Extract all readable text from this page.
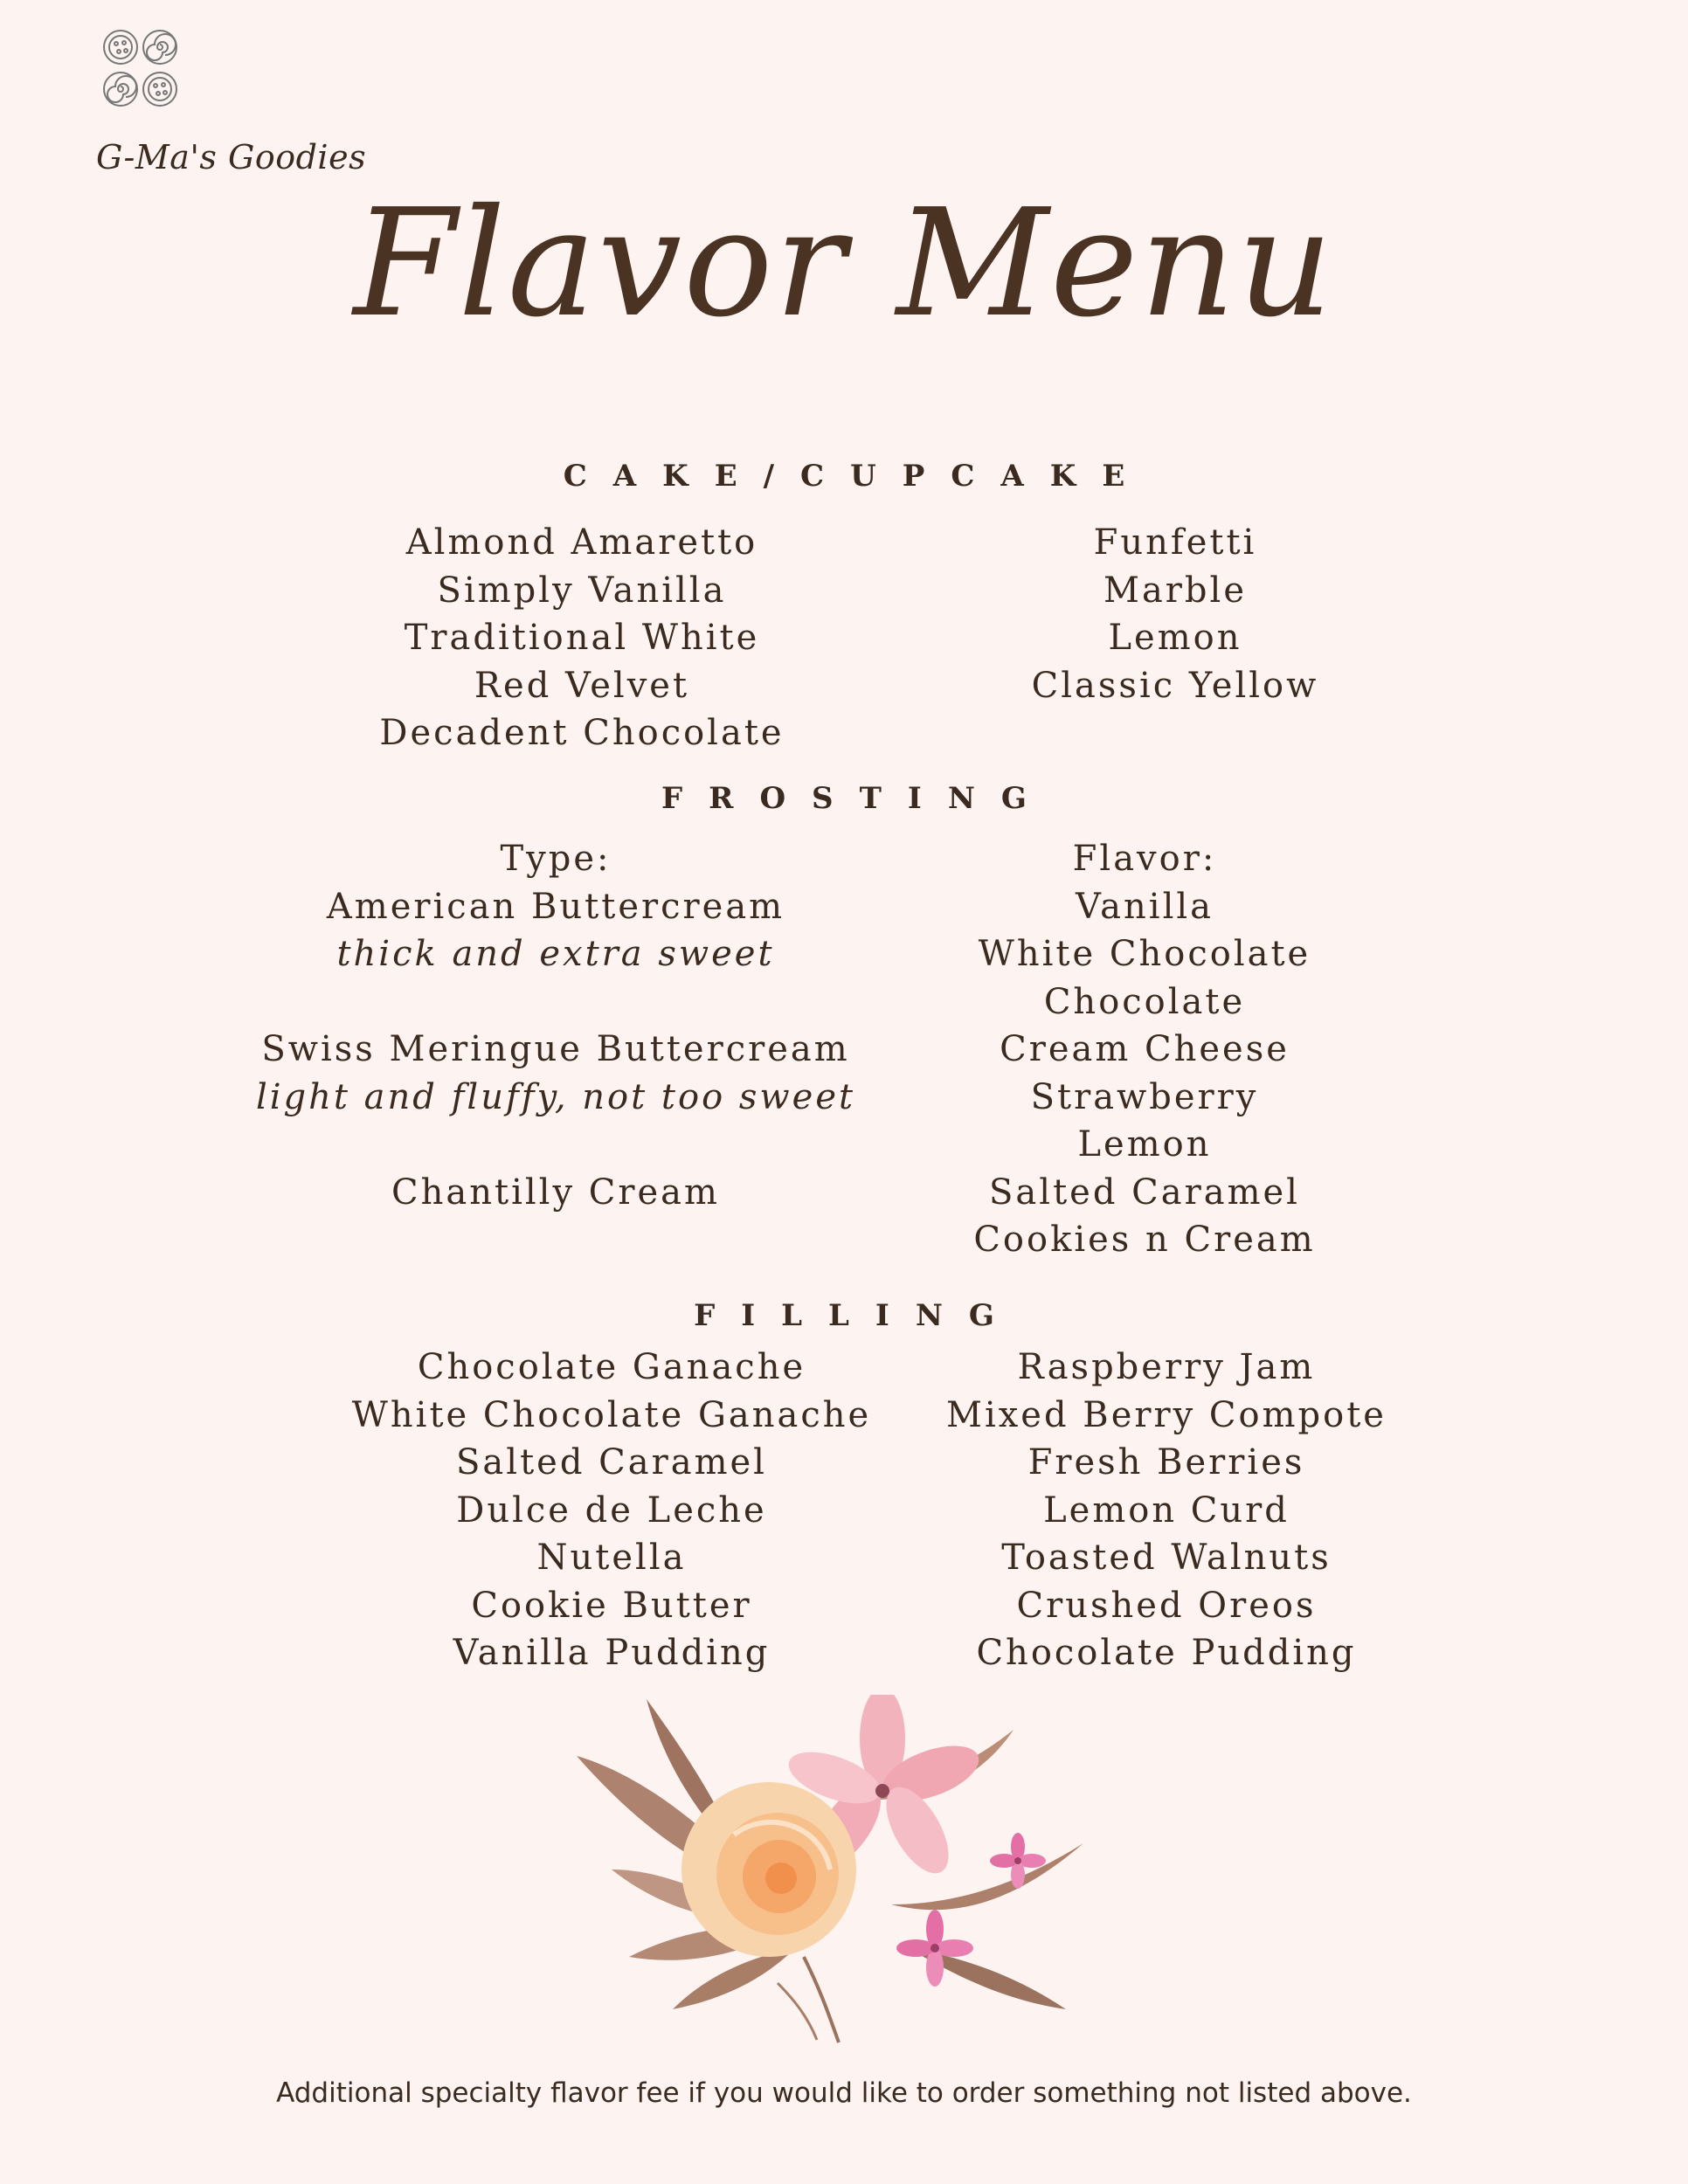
G-Ma's Goodies
Flavor Menu
CAKE/CUPCAKE
Almond Amaretto
Simply Vanilla
Traditional White
Red Velvet
Decadent Chocolate
Funfetti
Marble
Lemon
Classic Yellow
FROSTING
Type:
American Buttercream
thick and extra sweet
Swiss Meringue Buttercream
light and fluffy, not too sweet
Chantilly Cream
Flavor:
Vanilla
White Chocolate
Chocolate
Cream Cheese
Strawberry
Lemon
Salted Caramel
Cookies n Cream
FILLING
Chocolate Ganache
White Chocolate Ganache
Salted Caramel
Dulce de Leche
Nutella
Cookie Butter
Vanilla Pudding
Raspberry Jam
Mixed Berry Compote
Fresh Berries
Lemon Curd
Toasted Walnuts
Crushed Oreos
Chocolate Pudding
Additional specialty flavor fee if you would like to order something not listed above.
